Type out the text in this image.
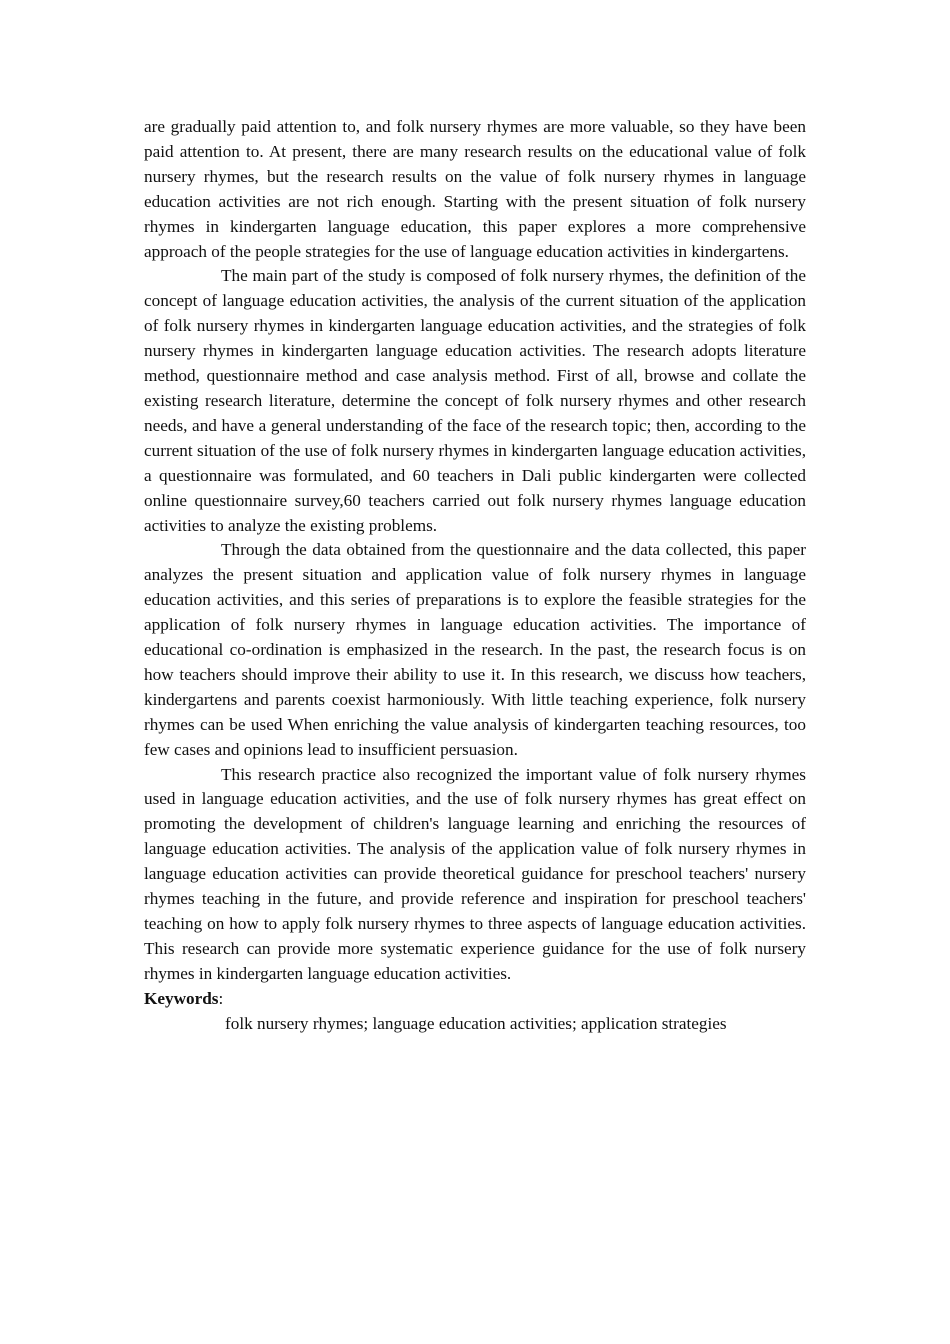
are gradually paid attention to, and folk nursery rhymes are more valuable, so they have been paid attention to. At present, there are many research results on the educational value of folk nursery rhymes, but the research results on the value of folk nursery rhymes in language education activities are not rich enough. Starting with the present situation of folk nursery rhymes in kindergarten language education, this paper explores a more comprehensive approach of the people strategies for the use of language education activities in kindergartens.

The main part of the study is composed of folk nursery rhymes, the definition of the concept of language education activities, the analysis of the current situation of the application of folk nursery rhymes in kindergarten language education activities, and the strategies of folk nursery rhymes in kindergarten language education activities. The research adopts literature method, questionnaire method and case analysis method. First of all, browse and collate the existing research literature, determine the concept of folk nursery rhymes and other research needs, and have a general understanding of the face of the research topic; then, according to the current situation of the use of folk nursery rhymes in kindergarten language education activities, a questionnaire was formulated, and 60 teachers in Dali public kindergarten were collected online questionnaire survey,60 teachers carried out folk nursery rhymes language education activities to analyze the existing problems.

Through the data obtained from the questionnaire and the data collected, this paper analyzes the present situation and application value of folk nursery rhymes in language education activities, and this series of preparations is to explore the feasible strategies for the application of folk nursery rhymes in language education activities. The importance of educational co-ordination is emphasized in the research. In the past, the research focus is on how teachers should improve their ability to use it. In this research, we discuss how teachers, kindergartens and parents coexist harmoniously. With little teaching experience, folk nursery rhymes can be used When enriching the value analysis of kindergarten teaching resources, too few cases and opinions lead to insufficient persuasion.

This research practice also recognized the important value of folk nursery rhymes used in language education activities, and the use of folk nursery rhymes has great effect on promoting the development of children's language learning and enriching the resources of language education activities. The analysis of the application value of folk nursery rhymes in language education activities can provide theoretical guidance for preschool teachers' nursery rhymes teaching in the future, and provide reference and inspiration for preschool teachers' teaching on how to apply folk nursery rhymes to three aspects of language education activities. This research can provide more systematic experience guidance for the use of folk nursery rhymes in kindergarten language education activities.

Keywords:

folk nursery rhymes; language education activities; application strategies
